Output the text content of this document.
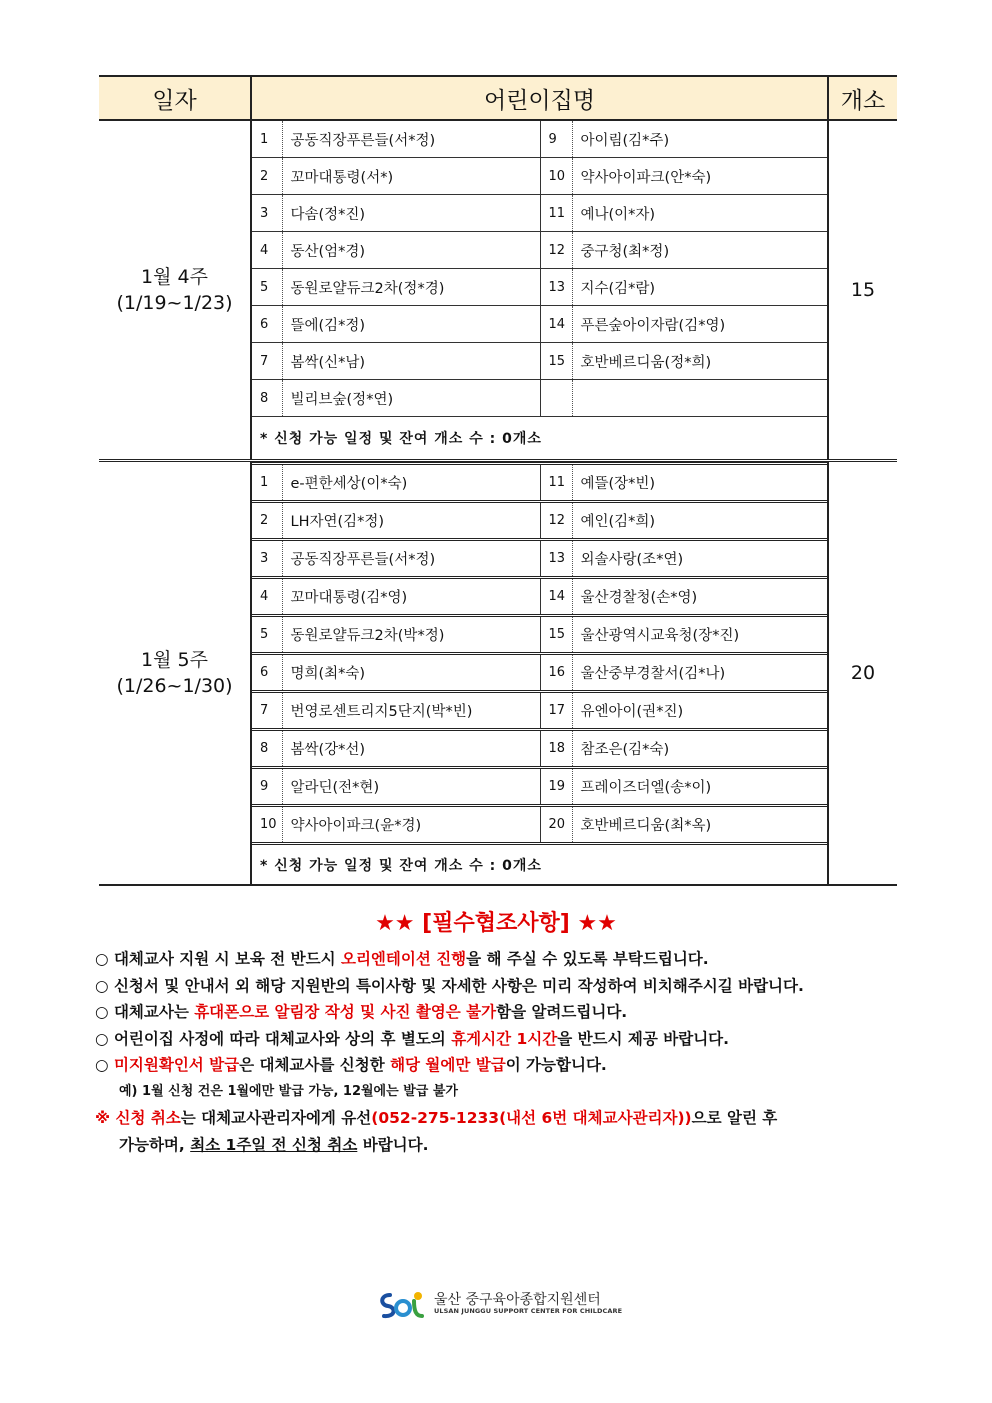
일자	어린이집명	개소

1월 4주
(1/19~1/23)

1	공동직장푸른들(서*정)	9	아이림(김*주)
2	꼬마대통령(서*)	10	약사아이파크(안*숙)
3	다솜(정*진)	11	예나(이*자)
4	동산(엄*경)	12	중구청(최*정)
5	동원로얄듀크2차(정*경)	13	지수(김*람)
6	뜰에(김*정)	14	푸른숲아이자람(김*영)
7	봄싹(신*남)	15	호반베르디움(정*희)
8	빌리브숲(정*연)		
* 신청 가능 일정 및 잔여 개소 수 : 0개소
	15

1월 5주
(1/26~1/30)

1	e-편한세상(이*숙)	11	예뜰(장*빈)
2	LH자연(김*정)	12	예인(김*희)
3	공동직장푸른들(서*정)	13	외솔사랑(조*연)
4	꼬마대통령(김*영)	14	울산경찰청(손*영)
5	동원로얄듀크2차(박*정)	15	울산광역시교육청(장*진)
6	명희(최*숙)	16	울산중부경찰서(김*나)
7	번영로센트리지5단지(박*빈)	17	유엔아이(권*진)
8	봄싹(강*선)	18	참조은(김*숙)
9	알라딘(전*현)	19	프레이즈더엘(송*이)
10	약사아이파크(윤*경)	20	호반베르디움(최*옥)
* 신청 가능 일정 및 잔여 개소 수 : 0개소
	20
★★ [필수협조사항] ★★
○ 대체교사 지원 시 보육 전 반드시 오리엔테이션 진행을 해 주실 수 있도록 부탁드립니다.
○ 신청서 및 안내서 외 해당 지원반의 특이사항 및 자세한 사항은 미리 작성하여 비치해주시길 바랍니다.
○ 대체교사는 휴대폰으로 알림장 작성 및 사진 촬영은 불가함을 알려드립니다.
○ 어린이집 사정에 따라 대체교사와 상의 후 별도의 휴게시간 1시간을 반드시 제공 바랍니다.
○ 미지원확인서 발급은 대체교사를 신청한 해당 월에만 발급이 가능합니다.
예) 1월 신청 건은 1월에만 발급 가능, 12월에는 발급 불가
※ 신청 취소는 대체교사관리자에게 유선(052-275-1233(내선 6번 대체교사관리자))으로 알린 후
가능하며, 최소 1주일 전 신청 취소 바랍니다.
울산 중구육아종합지원센터
ULSAN JUNGGU SUPPORT CENTER FOR CHILDCARE
